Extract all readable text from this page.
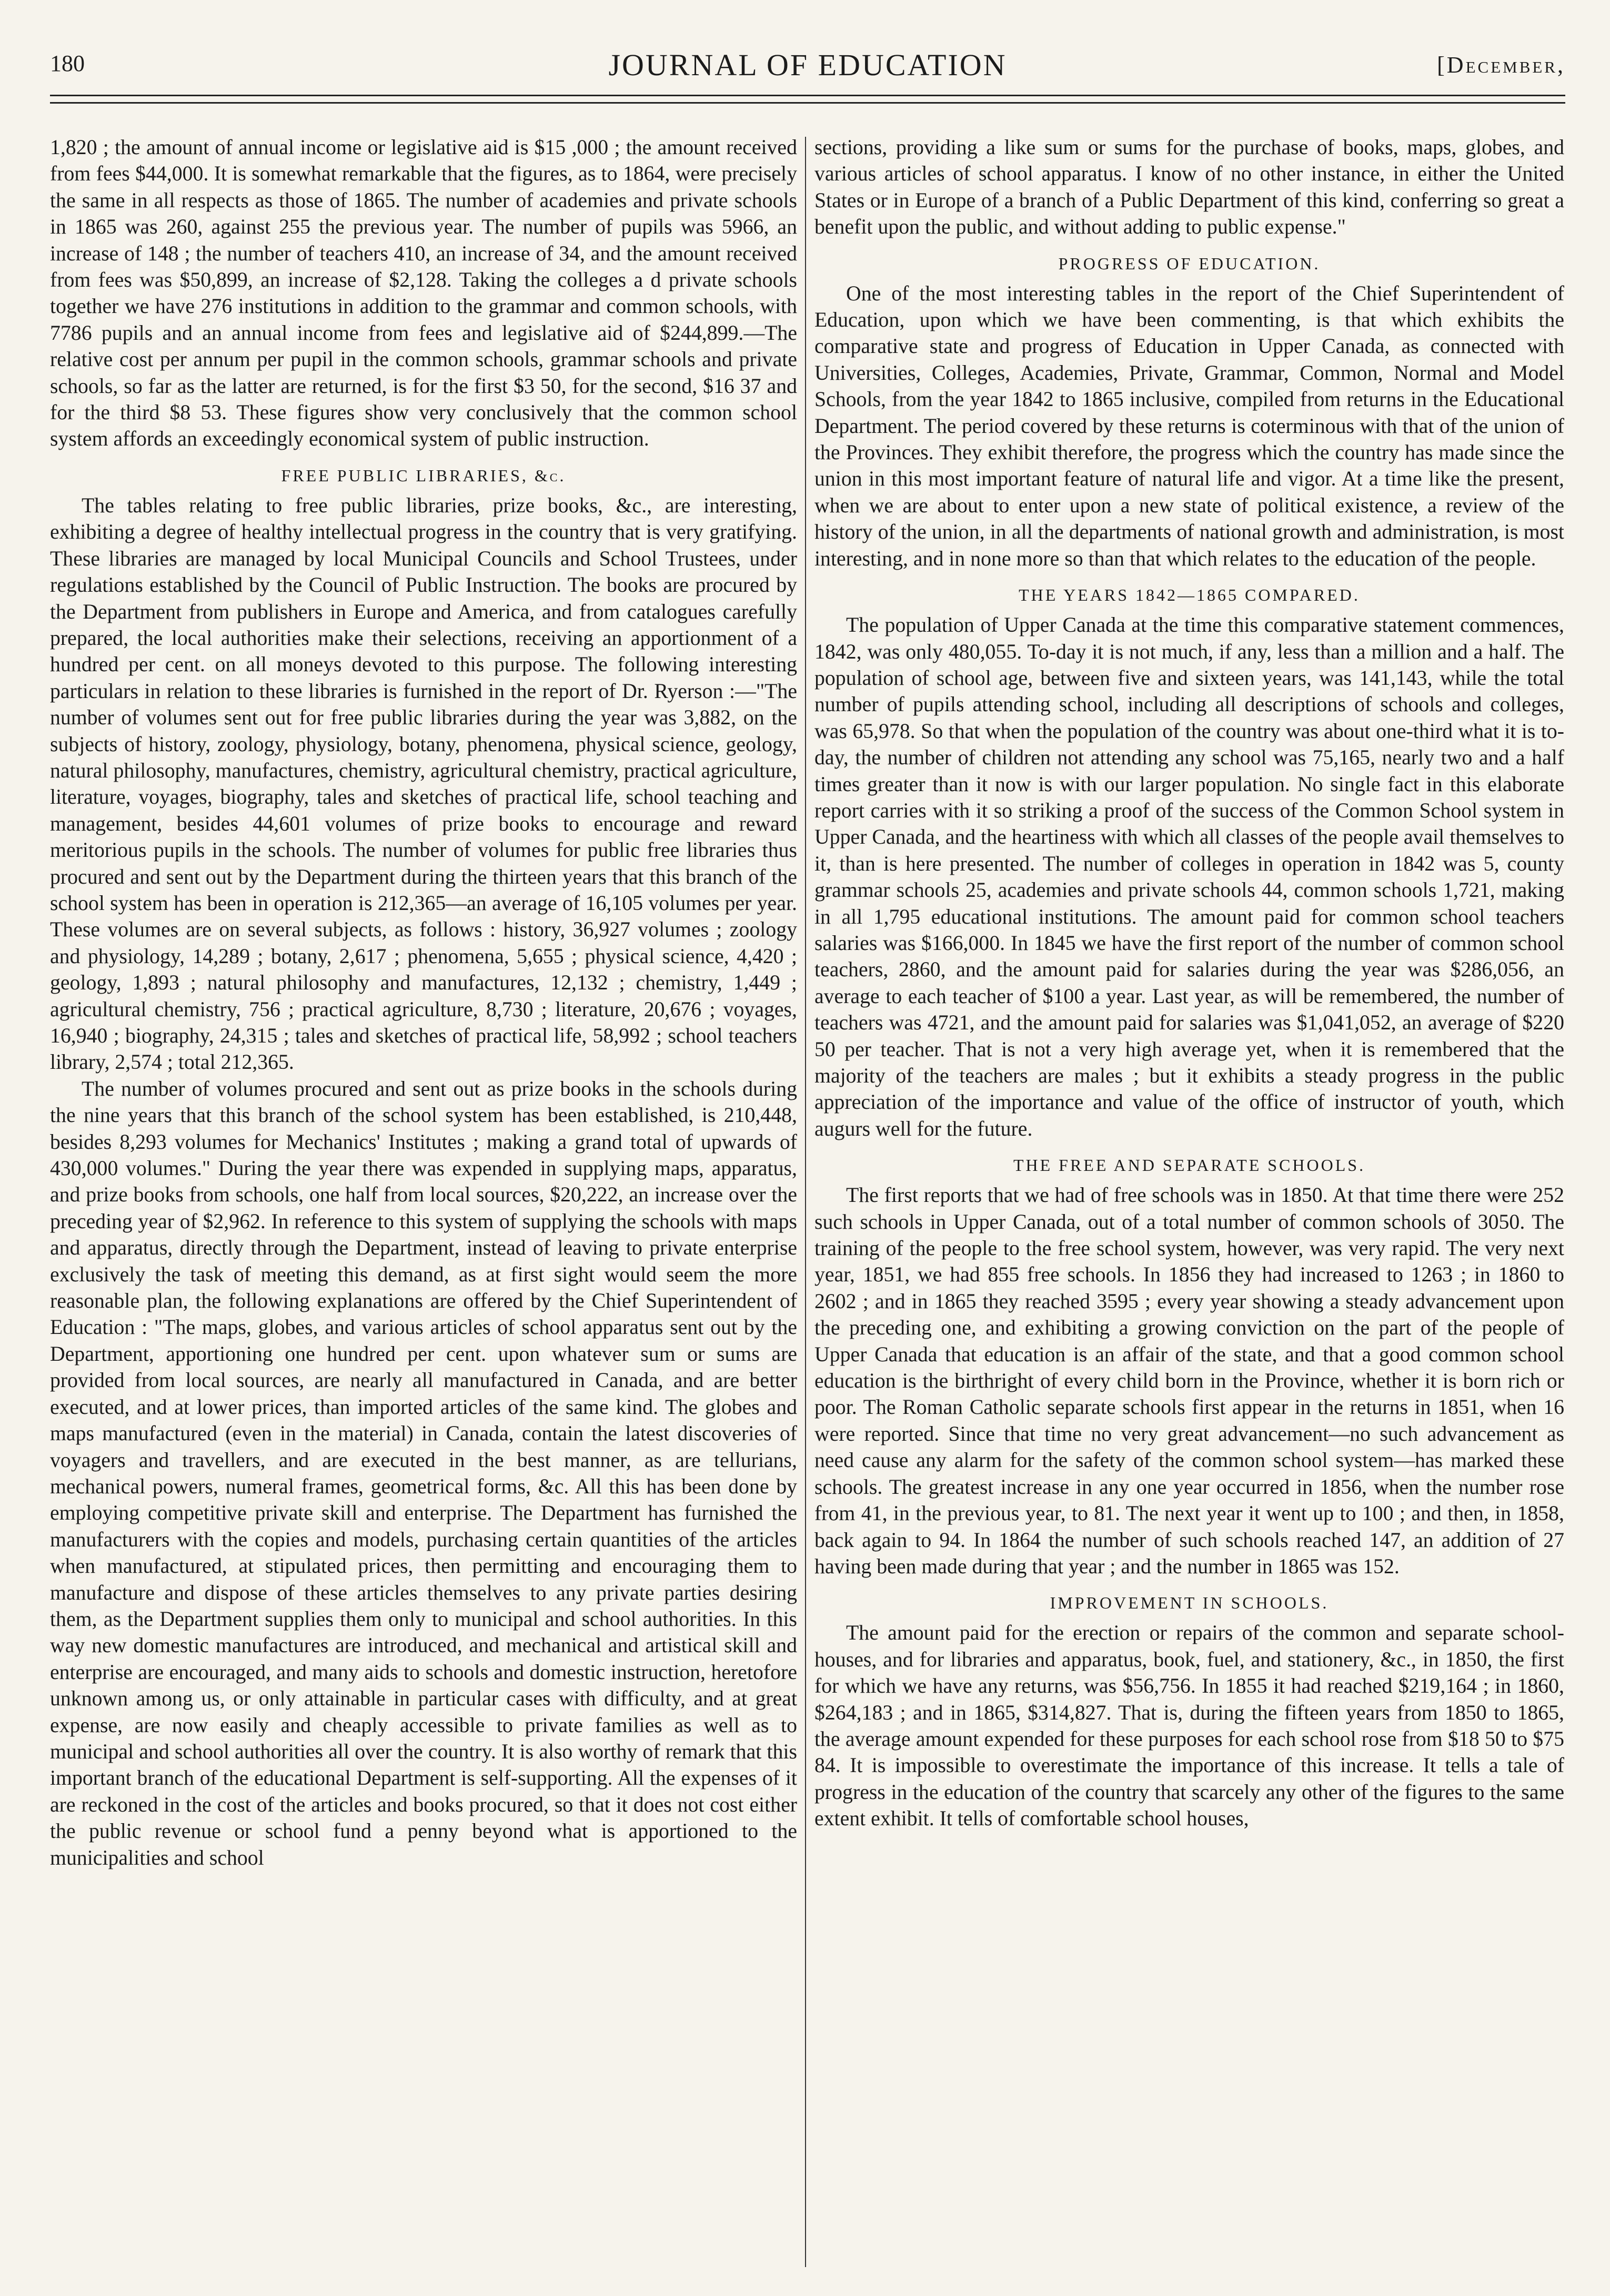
180	JOURNAL OF EDUCATION	[December,

1,820 ; the amount of annual income or legislative aid is $15 ,000 ; the amount received from fees $44,000. It is somewhat remarkable that the figures, as to 1864, were precisely the same in all respects as those of 1865. The number of academies and private schools in 1865 was 260, against 255 the previous year. The number of pupils was 5966, an increase of 148 ; the number of teachers 410, an increase of 34, and the amount received from fees was $50,899, an increase of $2,128. Taking the colleges a d private schools together we have 276 institutions in addition to the grammar and common schools, with 7786 pupils and an annual income from fees and legislative aid of $244,899.—The relative cost per annum per pupil in the common schools, grammar schools and private schools, so far as the latter are returned, is for the first $3 50, for the second, $16 37 and for the third $8 53. These figures show very conclusively that the common school system affords an exceedingly economical system of public instruction.

FREE PUBLIC LIBRARIES, &c.

The tables relating to free public libraries, prize books, &c., are interesting, exhibiting a degree of healthy intellectual progress in the country that is very gratifying. These libraries are managed by local Municipal Councils and School Trustees, under regulations established by the Council of Public Instruction. The books are procured by the Department from publishers in Europe and America, and from catalogues carefully prepared, the local authorities make their selections, receiving an apportionment of a hundred per cent. on all moneys devoted to this purpose. The following interesting particulars in relation to these libraries is furnished in the report of Dr. Ryerson :—"The number of volumes sent out for free public libraries during the year was 3,882, on the subjects of history, zoology, physiology, botany, phenomena, physical science, geology, natural philosophy, manufactures, chemistry, agricultural chemistry, practical agriculture, literature, voyages, biography, tales and sketches of practical life, school teaching and management, besides 44,601 volumes of prize books to encourage and reward meritorious pupils in the schools. The number of volumes for public free libraries thus procured and sent out by the Department during the thirteen years that this branch of the school system has been in operation is 212,365—an average of 16,105 volumes per year. These volumes are on several subjects, as follows : history, 36,927 volumes ; zoology and physiology, 14,289 ; botany, 2,617 ; phenomena, 5,655 ; physical science, 4,420 ; geology, 1,893 ; natural philosophy and manufactures, 12,132 ; chemistry, 1,449 ; agricultural chemistry, 756 ; practical agriculture, 8,730 ; literature, 20,676 ; voyages, 16,940 ; biography, 24,315 ; tales and sketches of practical life, 58,992 ; school teachers library, 2,574 ; total 212,365.

The number of volumes procured and sent out as prize books in the schools during the nine years that this branch of the school system has been established, is 210,448, besides 8,293 volumes for Mechanics' Institutes ; making a grand total of upwards of 430,000 volumes." During the year there was expended in supplying maps, apparatus, and prize books from schools, one half from local sources, $20,222, an increase over the preceding year of $2,962. In reference to this system of supplying the schools with maps and apparatus, directly through the Department, instead of leaving to private enterprise exclusively the task of meeting this demand, as at first sight would seem the more reasonable plan, the following explanations are offered by the Chief Superintendent of Education : "The maps, globes, and various articles of school apparatus sent out by the Department, apportioning one hundred per cent. upon whatever sum or sums are provided from local sources, are nearly all manufactured in Canada, and are better executed, and at lower prices, than imported articles of the same kind. The globes and maps manufactured (even in the material) in Canada, contain the latest discoveries of voyagers and travellers, and are executed in the best manner, as are tellurians, mechanical powers, numeral frames, geometrical forms, &c. All this has been done by employing competitive private skill and enterprise. The Department has furnished the manufacturers with the copies and models, purchasing certain quantities of the articles when manufactured, at stipulated prices, then permitting and encouraging them to manufacture and dispose of these articles themselves to any private parties desiring them, as the Department supplies them only to municipal and school authorities. In this way new domestic manufactures are introduced, and mechanical and artistical skill and enterprise are encouraged, and many aids to schools and domestic instruction, heretofore unknown among us, or only attainable in particular cases with difficulty, and at great expense, are now easily and cheaply accessible to private families as well as to municipal and school authorities all over the country. It is also worthy of remark that this important branch of the educational Department is self-supporting. All the expenses of it are reckoned in the cost of the articles and books procured, so that it does not cost either the public revenue or school fund a penny beyond what is apportioned to the municipalities and school

sections, providing a like sum or sums for the purchase of books, maps, globes, and various articles of school apparatus. I know of no other instance, in either the United States or in Europe of a branch of a Public Department of this kind, conferring so great a benefit upon the public, and without adding to public expense."

PROGRESS OF EDUCATION.

One of the most interesting tables in the report of the Chief Superintendent of Education, upon which we have been commenting, is that which exhibits the comparative state and progress of Education in Upper Canada, as connected with Universities, Colleges, Academies, Private, Grammar, Common, Normal and Model Schools, from the year 1842 to 1865 inclusive, compiled from returns in the Educational Department. The period covered by these returns is coterminous with that of the union of the Provinces. They exhibit therefore, the progress which the country has made since the union in this most important feature of natural life and vigor. At a time like the present, when we are about to enter upon a new state of political existence, a review of the history of the union, in all the departments of national growth and administration, is most interesting, and in none more so than that which relates to the education of the people.

THE YEARS 1842—1865 COMPARED.

The population of Upper Canada at the time this comparative statement commences, 1842, was only 480,055. To-day it is not much, if any, less than a million and a half. The population of school age, between five and sixteen years, was 141,143, while the total number of pupils attending school, including all descriptions of schools and colleges, was 65,978. So that when the population of the country was about one-third what it is to-day, the number of children not attending any school was 75,165, nearly two and a half times greater than it now is with our larger population. No single fact in this elaborate report carries with it so striking a proof of the success of the Common School system in Upper Canada, and the heartiness with which all classes of the people avail themselves to it, than is here presented. The number of colleges in operation in 1842 was 5, county grammar schools 25, academies and private schools 44, common schools 1,721, making in all 1,795 educational institutions. The amount paid for common school teachers salaries was $166,000. In 1845 we have the first report of the number of common school teachers, 2860, and the amount paid for salaries during the year was $286,056, an average to each teacher of $100 a year. Last year, as will be remembered, the number of teachers was 4721, and the amount paid for salaries was $1,041,052, an average of $220 50 per teacher. That is not a very high average yet, when it is remembered that the majority of the teachers are males ; but it exhibits a steady progress in the public appreciation of the importance and value of the office of instructor of youth, which augurs well for the future.

THE FREE AND SEPARATE SCHOOLS.

The first reports that we had of free schools was in 1850. At that time there were 252 such schools in Upper Canada, out of a total number of common schools of 3050. The training of the people to the free school system, however, was very rapid. The very next year, 1851, we had 855 free schools. In 1856 they had increased to 1263 ; in 1860 to 2602 ; and in 1865 they reached 3595 ; every year showing a steady advancement upon the preceding one, and exhibiting a growing conviction on the part of the people of Upper Canada that education is an affair of the state, and that a good common school education is the birthright of every child born in the Province, whether it is born rich or poor. The Roman Catholic separate schools first appear in the returns in 1851, when 16 were reported. Since that time no very great advancement—no such advancement as need cause any alarm for the safety of the common school system—has marked these schools. The greatest increase in any one year occurred in 1856, when the number rose from 41, in the previous year, to 81. The next year it went up to 100 ; and then, in 1858, back again to 94. In 1864 the number of such schools reached 147, an addition of 27 having been made during that year ; and the number in 1865 was 152.

IMPROVEMENT IN SCHOOLS.

The amount paid for the erection or repairs of the common and separate school-houses, and for libraries and apparatus, book, fuel, and stationery, &c., in 1850, the first for which we have any returns, was $56,756. In 1855 it had reached $219,164 ; in 1860, $264,183 ; and in 1865, $314,827. That is, during the fifteen years from 1850 to 1865, the average amount expended for these purposes for each school rose from $18 50 to $75 84. It is impossible to overestimate the importance of this increase. It tells a tale of progress in the education of the country that scarcely any other of the figures to the same extent exhibit. It tells of comfortable school houses,
